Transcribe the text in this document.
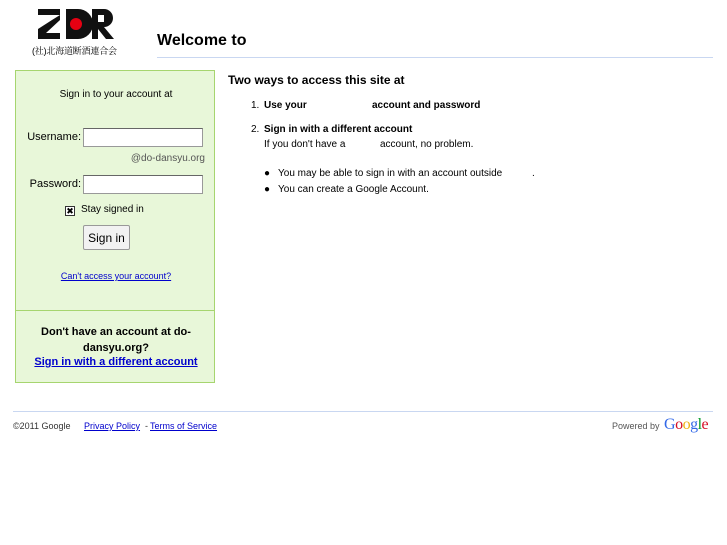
(社)北海道断酒連合会
Welcome to
Sign in to your account at
Username:
@do-dansyu.org
Password:
✖ Stay signed in
Sign in
Can't access your account?
Don't have an account at do-dansyu.org?
Sign in with a different account
Two ways to access this site at
1. Use your	account and password
2. Sign in with a different account
If you don't have a	account, no problem.
● You may be able to sign in with an account outside	.
● You can create a Google Account.
©2011 Google Privacy Policy - Terms of Service	Powered by Google
